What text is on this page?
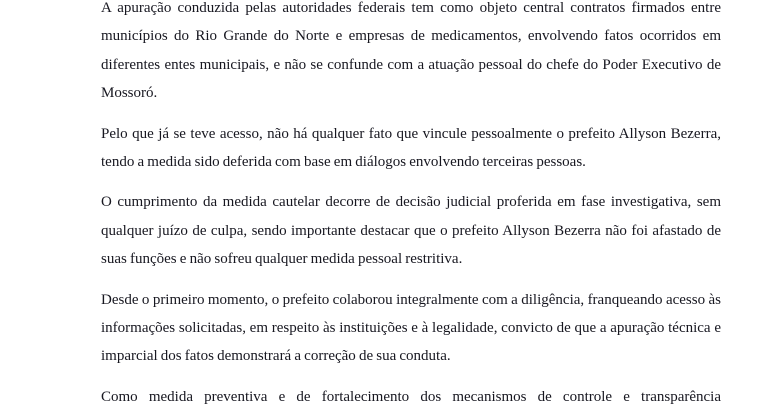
A apuração conduzida pelas autoridades federais tem como objeto central contratos firmados entre municípios do Rio Grande do Norte e empresas de medicamentos, envolvendo fatos ocorridos em diferentes entes municipais, e não se confunde com a atuação pessoal do chefe do Poder Executivo de Mossoró.

Pelo que já se teve acesso, não há qualquer fato que vincule pessoalmente o prefeito Allyson Bezerra, tendo a medida sido deferida com base em diálogos envolvendo terceiras pessoas.

O cumprimento da medida cautelar decorre de decisão judicial proferida em fase investigativa, sem qualquer juízo de culpa, sendo importante destacar que o prefeito Allyson Bezerra não foi afastado de suas funções e não sofreu qualquer medida pessoal restritiva.

Desde o primeiro momento, o prefeito colaborou integralmente com a diligência, franqueando acesso às informações solicitadas, em respeito às instituições e à legalidade, convicto de que a apuração técnica e imparcial dos fatos demonstrará a correção de sua conduta.

Como medida preventiva e de fortalecimento dos mecanismos de controle e transparência
